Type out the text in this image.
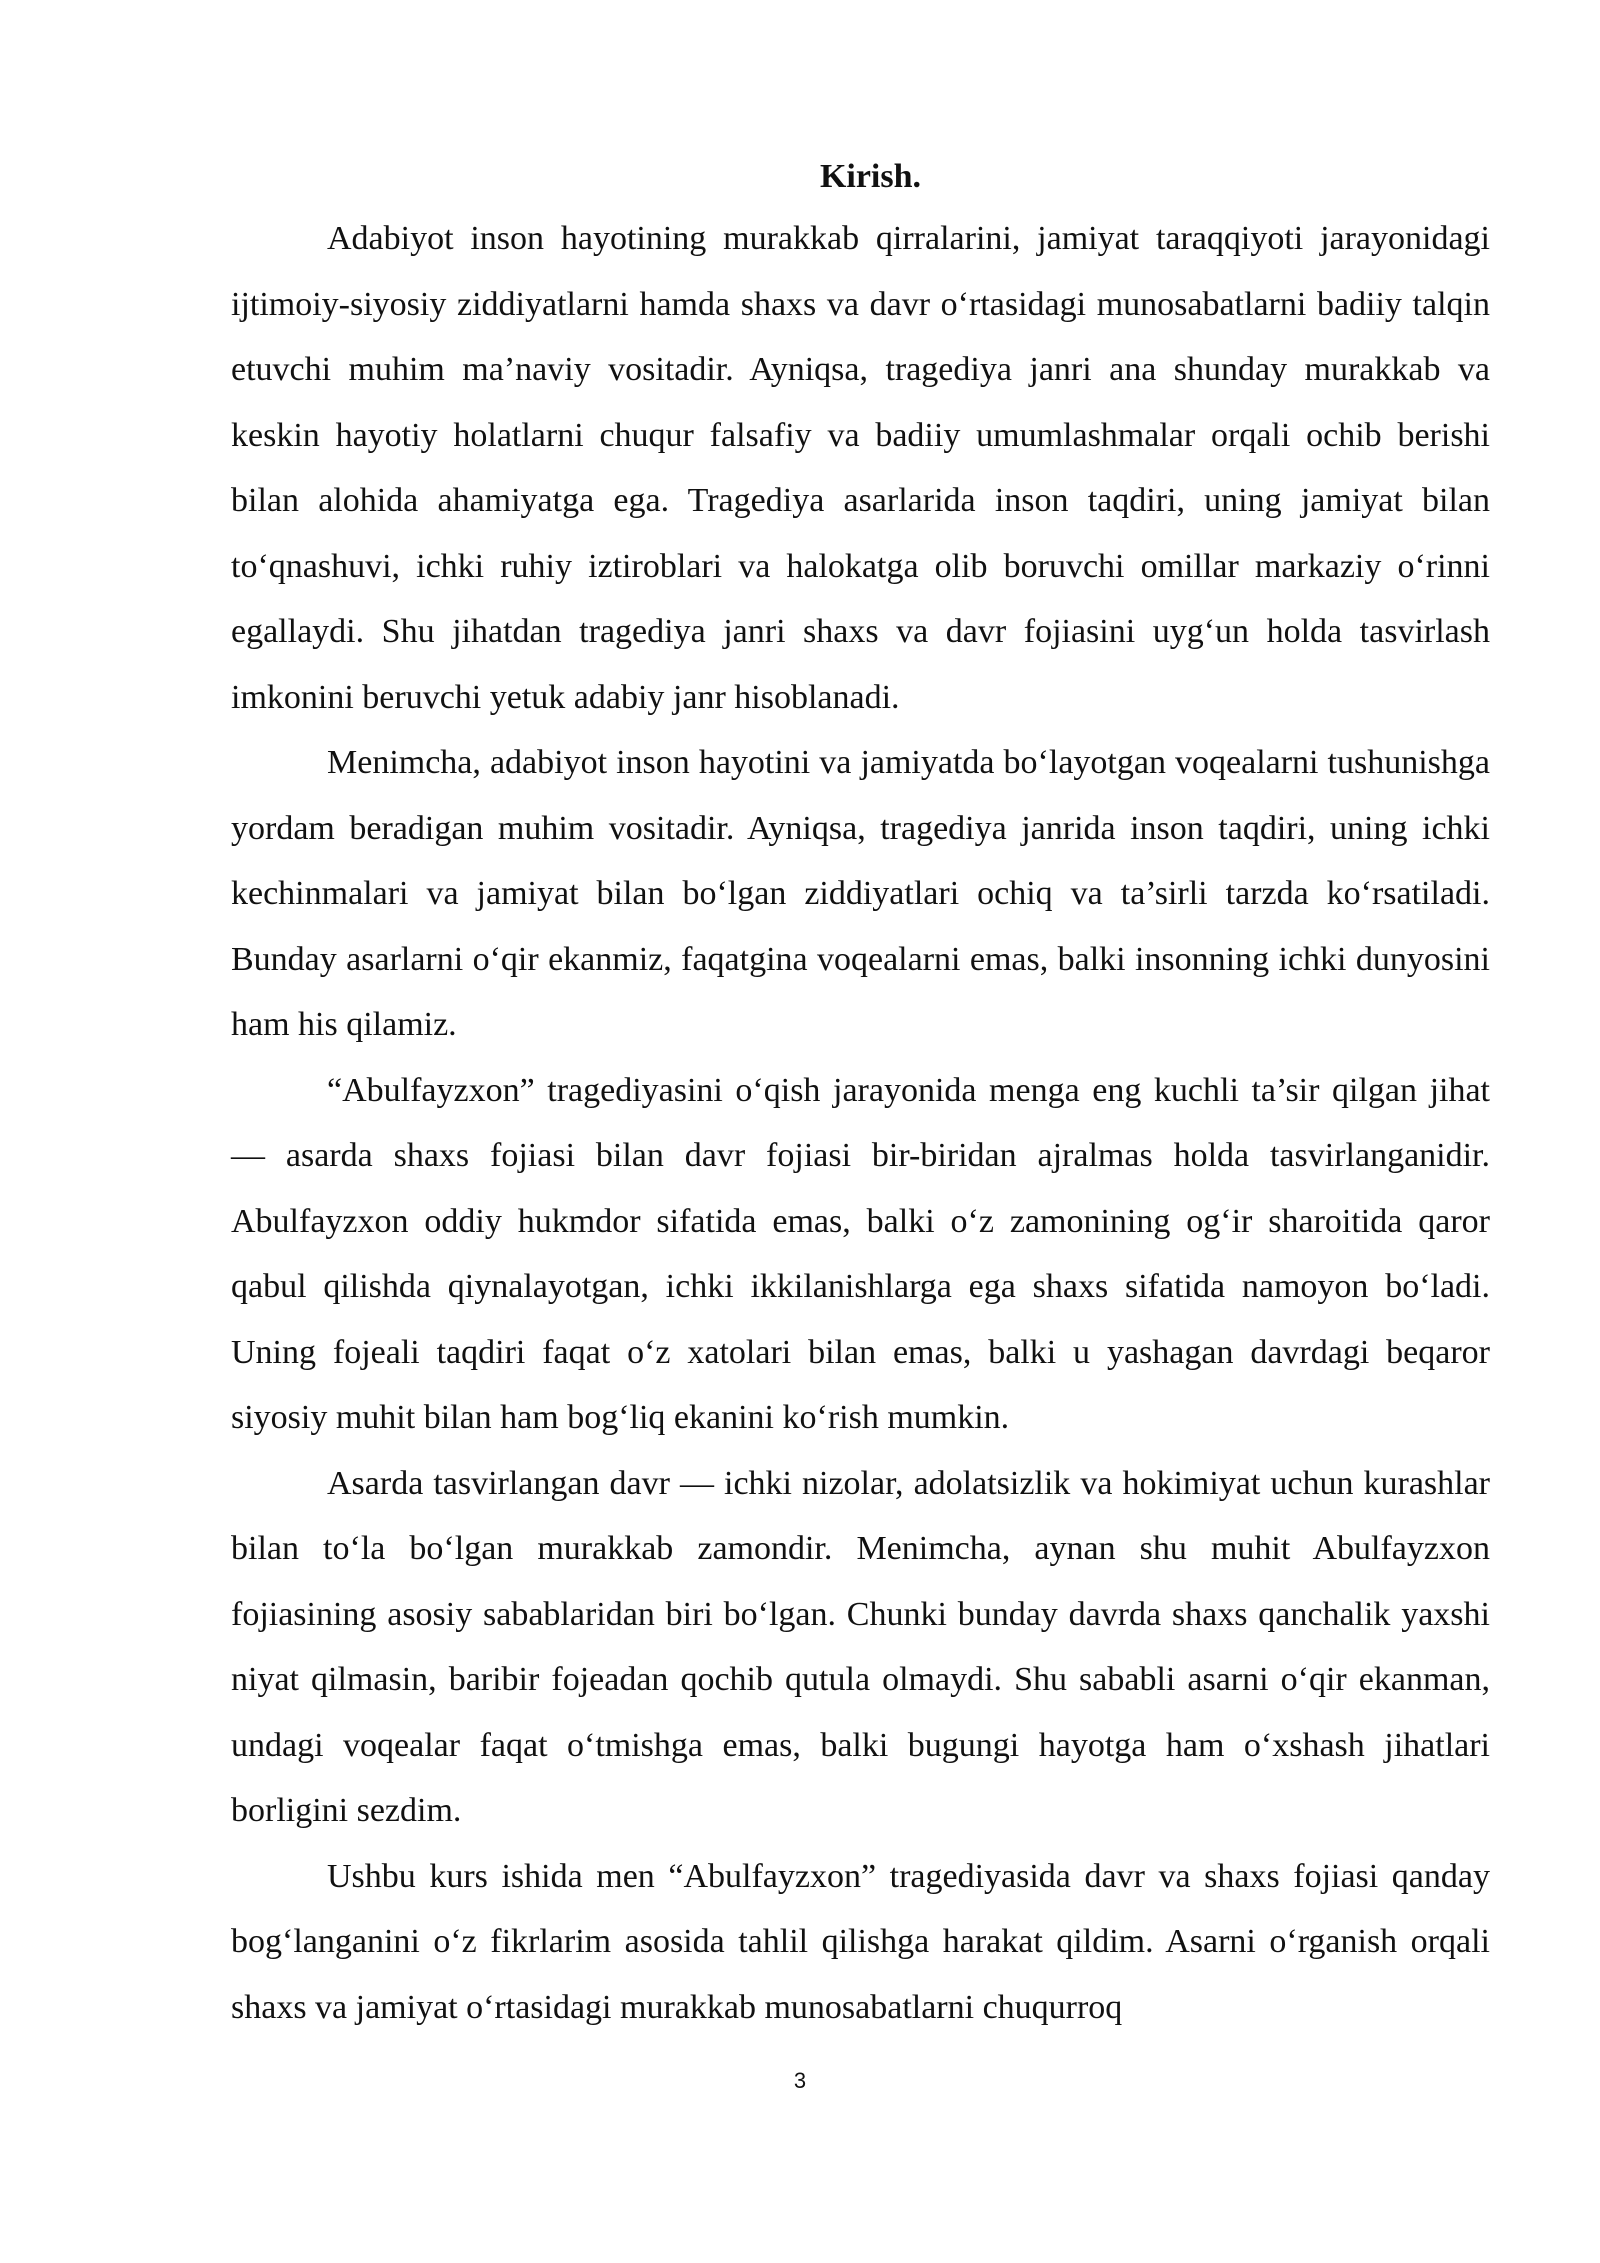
Kirish.

Adabiyot inson hayotining murakkab qirralarini, jamiyat taraqqiyoti jarayonidagi ijtimoiy-siyosiy ziddiyatlarni hamda shaxs va davr o‘rtasidagi munosabatlarni badiiy talqin etuvchi muhim ma’naviy vositadir. Ayniqsa, tragediya janri ana shunday murakkab va keskin hayotiy holatlarni chuqur falsafiy va badiiy umumlashmalar orqali ochib berishi bilan alohida ahamiyatga ega. Tragediya asarlarida inson taqdiri, uning jamiyat bilan to‘qnashuvi, ichki ruhiy iztiroblari va halokatga olib boruvchi omillar markaziy o‘rinni egallaydi. Shu jihatdan tragediya janri shaxs va davr fojiasini uyg‘un holda tasvirlash imkonini beruvchi yetuk adabiy janr hisoblanadi.

Menimcha, adabiyot inson hayotini va jamiyatda bo‘layotgan voqealarni tushunishga yordam beradigan muhim vositadir. Ayniqsa, tragediya janrida inson taqdiri, uning ichki kechinmalari va jamiyat bilan bo‘lgan ziddiyatlari ochiq va ta’sirli tarzda ko‘rsatiladi. Bunday asarlarni o‘qir ekanmiz, faqatgina voqealarni emas, balki insonning ichki dunyosini ham his qilamiz.

“Abulfayzxon” tragediyasini o‘qish jarayonida menga eng kuchli ta’sir qilgan jihat — asarda shaxs fojiasi bilan davr fojiasi bir-biridan ajralmas holda tasvirlanganidir. Abulfayzxon oddiy hukmdor sifatida emas, balki o‘z zamonining og‘ir sharoitida qaror qabul qilishda qiynalayotgan, ichki ikkilanishlarga ega shaxs sifatida namoyon bo‘ladi. Uning fojeali taqdiri faqat o‘z xatolari bilan emas, balki u yashagan davrdagi beqaror siyosiy muhit bilan ham bog‘liq ekanini ko‘rish mumkin.

Asarda tasvirlangan davr — ichki nizolar, adolatsizlik va hokimiyat uchun kurashlar bilan to‘la bo‘lgan murakkab zamondir. Menimcha, aynan shu muhit Abulfayzxon fojiasining asosiy sabablaridan biri bo‘lgan. Chunki bunday davrda shaxs qanchalik yaxshi niyat qilmasin, baribir fojeadan qochib qutula olmaydi. Shu sababli asarni o‘qir ekanman, undagi voqealar faqat o‘tmishga emas, balki bugungi hayotga ham o‘xshash jihatlari borligini sezdim.

Ushbu kurs ishida men “Abulfayzxon” tragediyasida davr va shaxs fojiasi qanday bog‘langanini o‘z fikrlarim asosida tahlil qilishga harakat qildim. Asarni o‘rganish orqali shaxs va jamiyat o‘rtasidagi murakkab munosabatlarni chuqurroq

3
